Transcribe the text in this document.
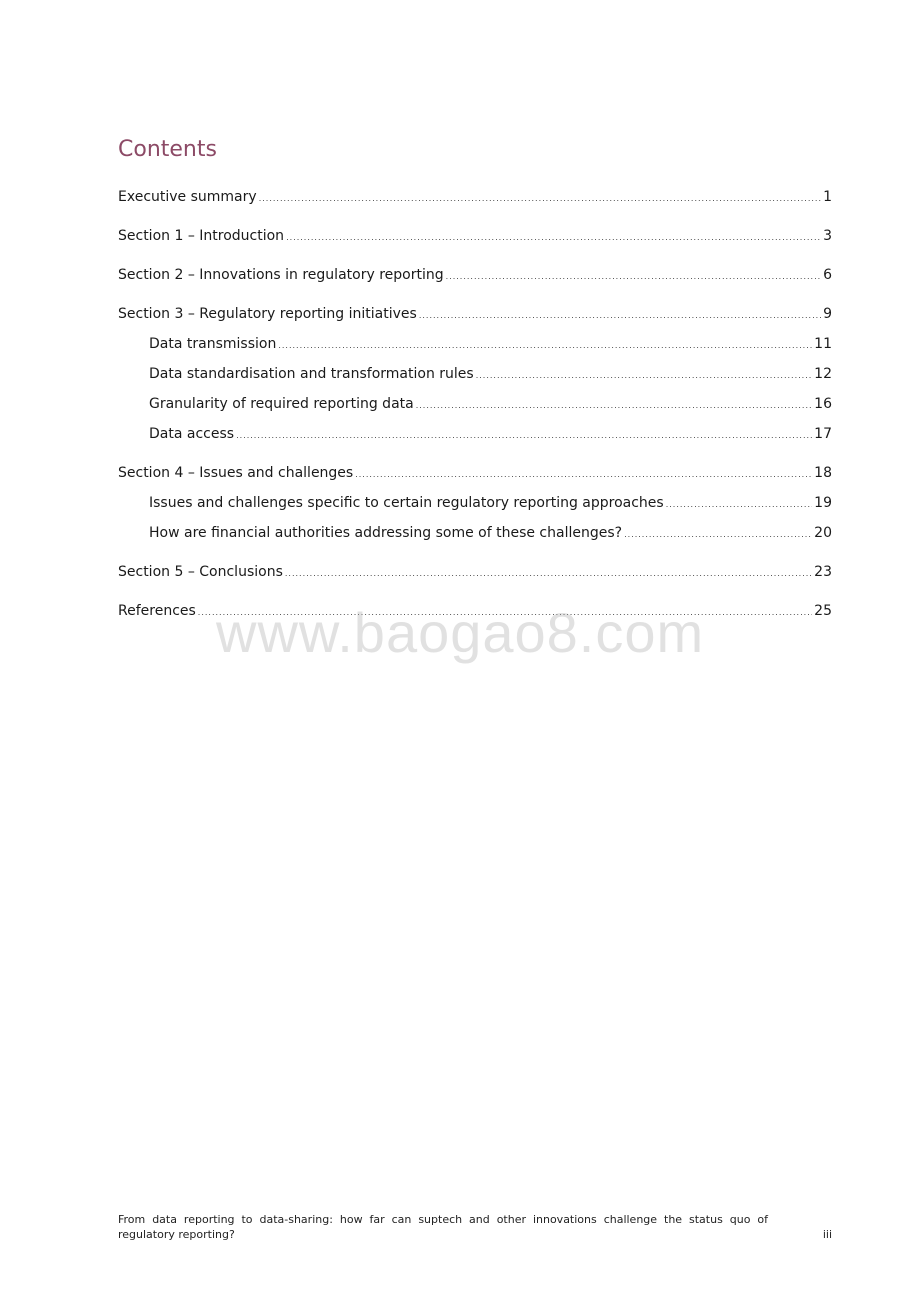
Contents
Executive summary .....	1
Section 1 – Introduction .....	3
Section 2 – Innovations in regulatory reporting .....	6
Section 3 – Regulatory reporting initiatives .....	9
Data transmission .....	11
Data standardisation and transformation rules .....	12
Granularity of required reporting data .....	16
Data access .....	17
Section 4 – Issues and challenges .....	18
Issues and challenges specific to certain regulatory reporting approaches .....	19
How are financial authorities addressing some of these challenges? .....	20
Section 5 – Conclusions .....	23
References .....	25
www.baogao8.com
From data reporting to data-sharing: how far can suptech and other innovations challenge the status quo of regulatory reporting?	iii
